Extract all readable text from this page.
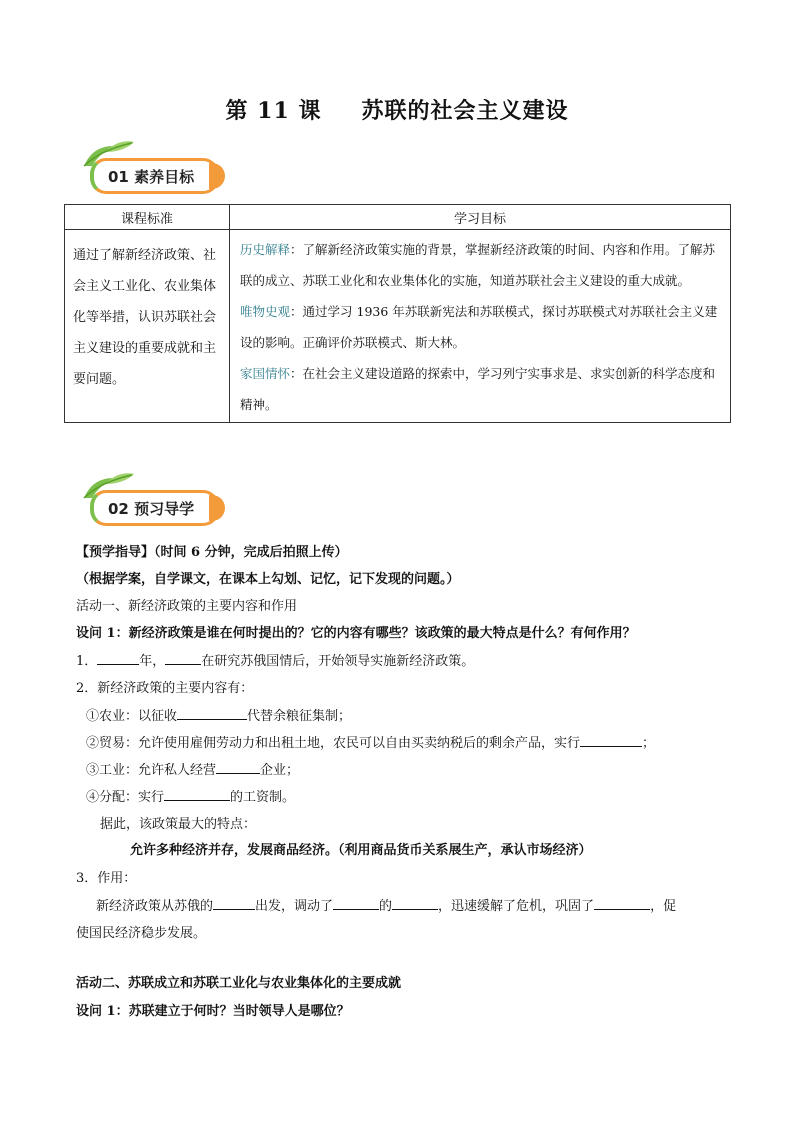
第 11 课 苏联的社会主义建设
01 素养目标
课程标准	学习目标
通过了解新经济政策、社会主义工业化、农业集体化等举措，认识苏联社会主义建设的重要成就和主要问题。	历史解释：了解新经济政策实施的背景，掌握新经济政策的时间、内容和作用。了解苏联的成立、苏联工业化和农业集体化的实施，知道苏联社会主义建设的重大成就。
唯物史观：通过学习 1936 年苏联新宪法和苏联模式，探讨苏联模式对苏联社会主义建设的影响。正确评价苏联模式、斯大林。
家国情怀：在社会主义建设道路的探索中，学习列宁实事求是、求实创新的科学态度和精神。
02 预习导学
【预学指导】（时间 6 分钟，完成后拍照上传）
（根据学案，自学课文，在课本上勾划、记忆，记下发现的问题。）
活动一、新经济政策的主要内容和作用
设问 1：新经济政策是谁在何时提出的？它的内容有哪些？该政策的最大特点是什么？有何作用？
1．	年，	在研究苏俄国情后，开始领导实施新经济政策。
2．新经济政策的主要内容有：
①农业：以征收	代替余粮征集制；
②贸易：允许使用雇佣劳动力和出租土地，农民可以自由买卖纳税后的剩余产品，实行	；
③工业：允许私人经营	企业；
④分配：实行	的工资制。
据此，该政策最大的特点：
允许多种经济并存，发展商品经济。（利用商品货币关系展生产，承认市场经济）
3．作用：
新经济政策从苏俄的	出发，调动了	的	，迅速缓解了危机，巩固了	，促
使国民经济稳步发展。
活动二、苏联成立和苏联工业化与农业集体化的主要成就
设问 1：苏联建立于何时？当时领导人是哪位？
